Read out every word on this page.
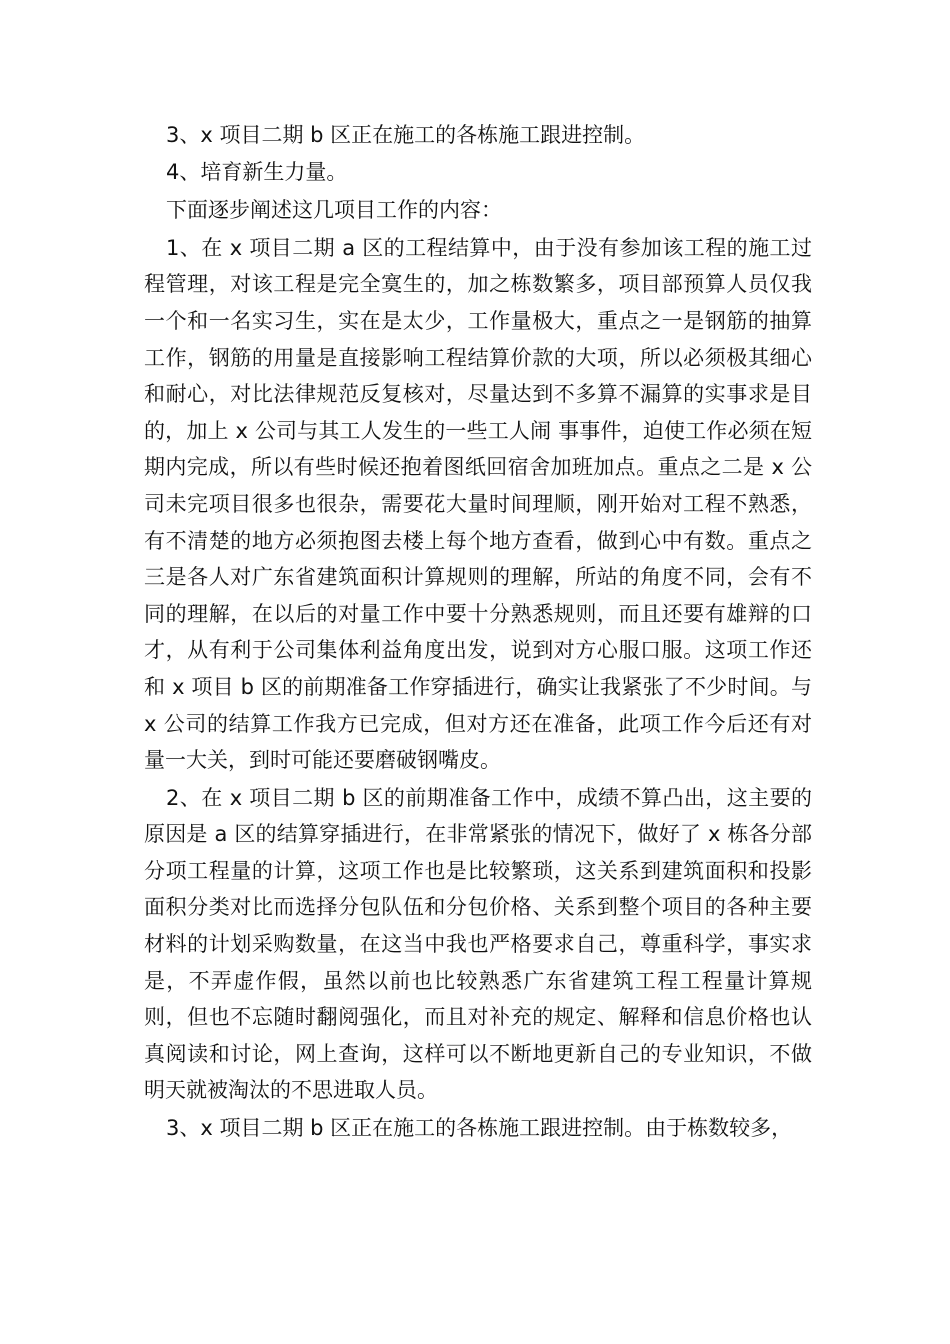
3、x 项目二期 b 区正在施工的各栋施工跟进控制。

4、培育新生力量。

下面逐步阐述这几项目工作的内容：

1、在 x 项目二期 a 区的工程结算中，由于没有参加该工程的施工过程管理，对该工程是完全寞生的，加之栋数繁多，项目部预算人员仅我一个和一名实习生，实在是太少，工作量极大，重点之一是钢筋的抽算工作，钢筋的用量是直接影响工程结算价款的大项，所以必须极其细心和耐心，对比法律规范反复核对，尽量达到不多算不漏算的实事求是目的，加上 x 公司与其工人发生的一些工人闹 事事件，迫使工作必须在短期内完成，所以有些时候还抱着图纸回宿舍加班加点。重点之二是 x 公司未完项目很多也很杂，需要花大量时间理顺，刚开始对工程不熟悉，有不清楚的地方必须抱图去楼上每个地方查看，做到心中有数。重点之三是各人对广东省建筑面积计算规则的理解，所站的角度不同，会有不同的理解，在以后的对量工作中要十分熟悉规则，而且还要有雄辩的口才，从有利于公司集体利益角度出发，说到对方心服口服。这项工作还和 x 项目 b 区的前期准备工作穿插进行，确实让我紧张了不少时间。与 x 公司的结算工作我方已完成，但对方还在准备，此项工作今后还有对量一大关，到时可能还要磨破钢嘴皮。

2、在 x 项目二期 b 区的前期准备工作中，成绩不算凸出，这主要的原因是 a 区的结算穿插进行，在非常紧张的情况下，做好了 x 栋各分部分项工程量的计算，这项工作也是比较繁琐，这关系到建筑面积和投影面积分类对比而选择分包队伍和分包价格、关系到整个项目的各种主要材料的计划采购数量，在这当中我也严格要求自己，尊重科学，事实求是，不弄虚作假，虽然以前也比较熟悉广东省建筑工程工程量计算规则，但也不忘随时翻阅强化，而且对补充的规定、解释和信息价格也认真阅读和讨论，网上查询，这样可以不断地更新自己的专业知识，不做明天就被淘汰的不思进取人员。

3、x 项目二期 b 区正在施工的各栋施工跟进控制。由于栋数较多，
